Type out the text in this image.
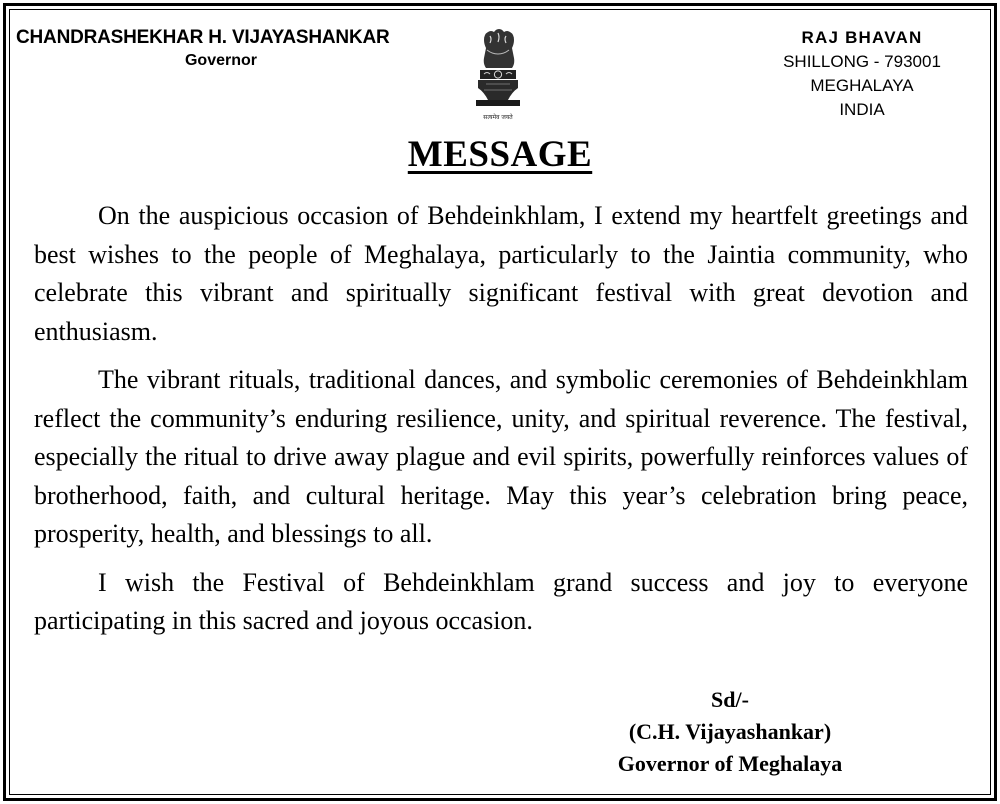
CHANDRASHEKHAR H. VIJAYASHANKAR
Governor
सत्यमेव जयते
RAJ BHAVAN
SHILLONG - 793001
MEGHALAYA
INDIA
MESSAGE

On the auspicious occasion of Behdeinkhlam, I extend my heartfelt greetings and best wishes to the people of Meghalaya, particularly to the Jaintia community, who celebrate this vibrant and spiritually significant festival with great devotion and enthusiasm.

The vibrant rituals, traditional dances, and symbolic ceremonies of Behdeinkhlam reflect the community’s enduring resilience, unity, and spiritual reverence. The festival, especially the ritual to drive away plague and evil spirits, powerfully reinforces values of brotherhood, faith, and cultural heritage. May this year’s celebration bring peace, prosperity, health, and blessings to all.

I wish the Festival of Behdeinkhlam grand success and joy to everyone participating in this sacred and joyous occasion.

Sd/-
(C.H. Vijayashankar)
Governor of Meghalaya
